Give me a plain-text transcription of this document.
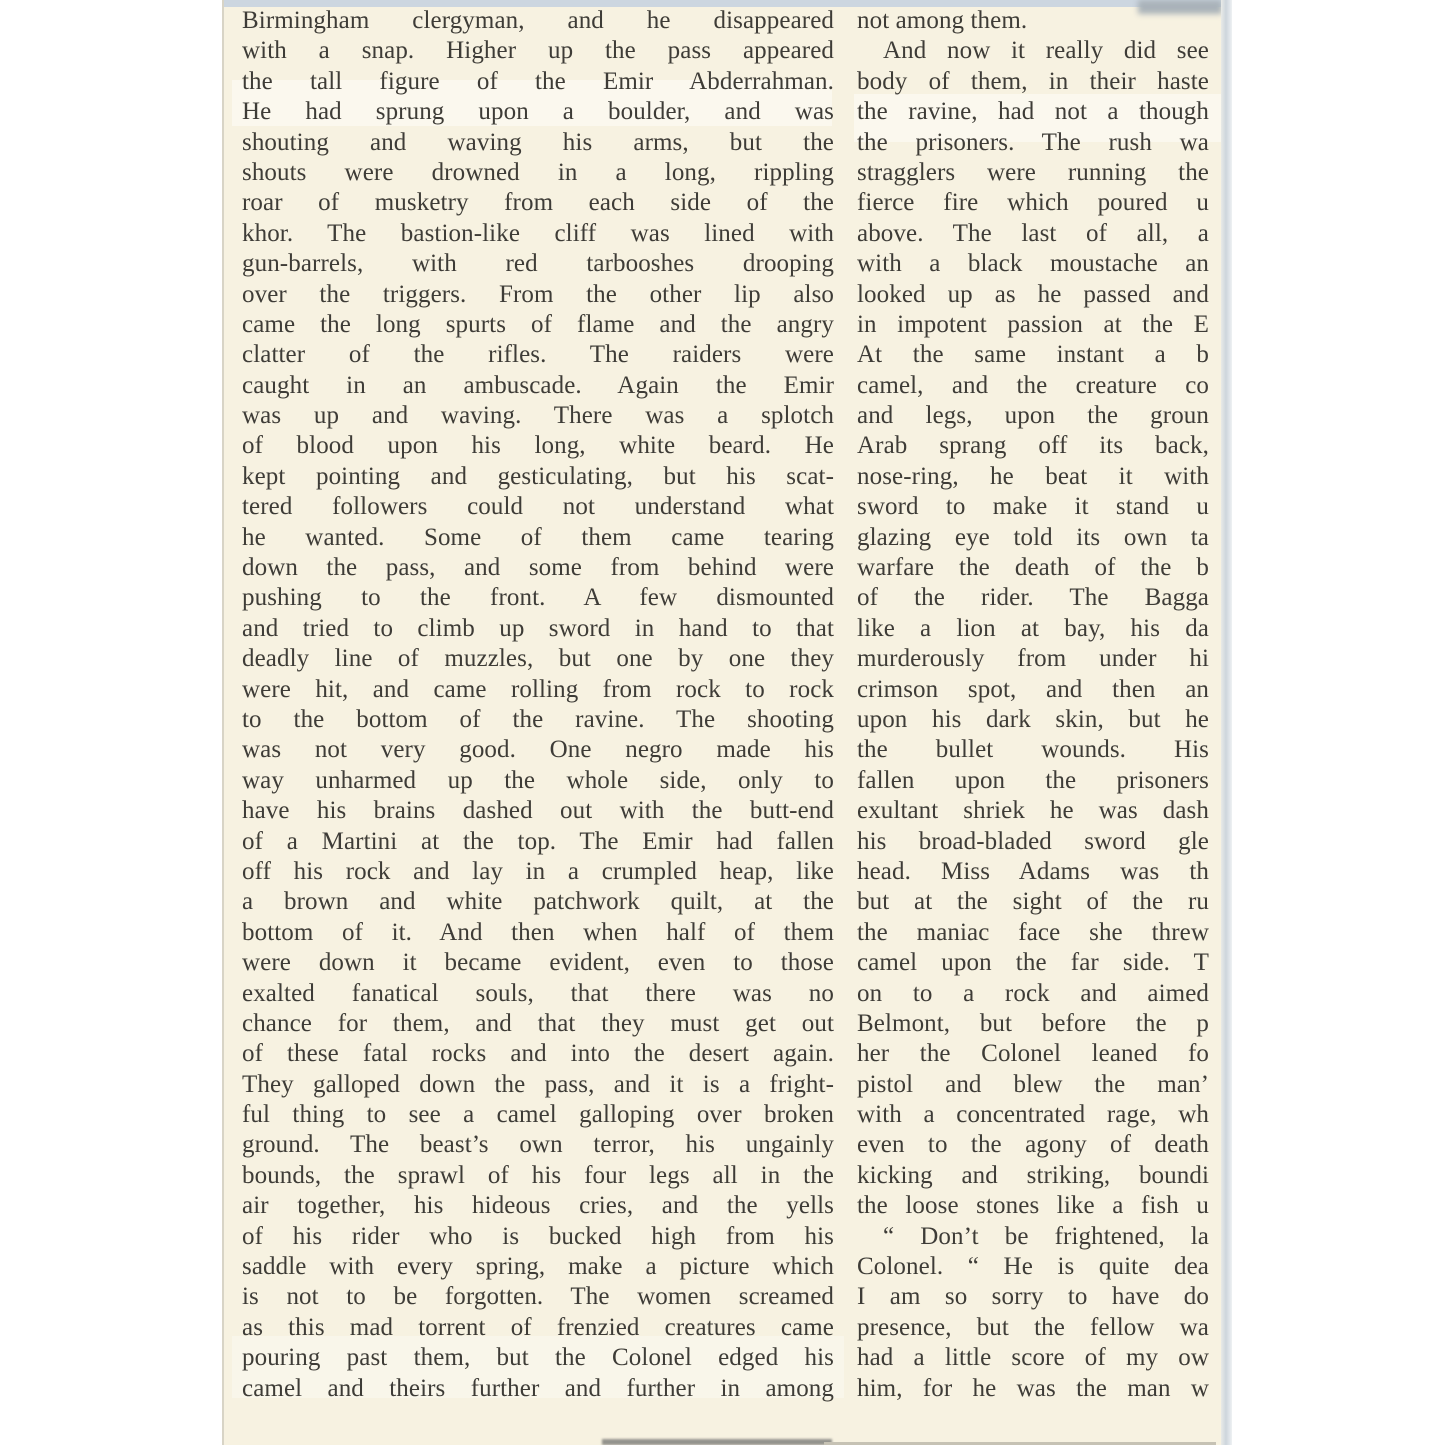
Birmingham clergyman, and he disappeared
with a snap. Higher up the pass appeared
the tall figure of the Emir Abderrahman.
He had sprung upon a boulder, and was
shouting and waving his arms, but the
shouts were drowned in a long, rippling
roar of musketry from each side of the
khor. The bastion-like cliff was lined with
gun-barrels, with red tarbooshes drooping
over the triggers. From the other lip also
came the long spurts of flame and the angry
clatter of the rifles. The raiders were
caught in an ambuscade. Again the Emir
was up and waving. There was a splotch
of blood upon his long, white beard. He
kept pointing and gesticulating, but his scat-
tered followers could not understand what
he wanted. Some of them came tearing
down the pass, and some from behind were
pushing to the front. A few dismounted
and tried to climb up sword in hand to that
deadly line of muzzles, but one by one they
were hit, and came rolling from rock to rock
to the bottom of the ravine. The shooting
was not very good. One negro made his
way unharmed up the whole side, only to
have his brains dashed out with the butt-end
of a Martini at the top. The Emir had fallen
off his rock and lay in a crumpled heap, like
a brown and white patchwork quilt, at the
bottom of it. And then when half of them
were down it became evident, even to those
exalted fanatical souls, that there was no
chance for them, and that they must get out
of these fatal rocks and into the desert again.
They galloped down the pass, and it is a fright-
ful thing to see a camel galloping over broken
ground. The beast’s own terror, his ungainly
bounds, the sprawl of his four legs all in the
air together, his hideous cries, and the yells
of his rider who is bucked high from his
saddle with every spring, make a picture which
is not to be forgotten. The women screamed
as this mad torrent of frenzied creatures came
pouring past them, but the Colonel edged his
camel and theirs further and further in among
not among them.
And now it really did see
body of them, in their haste
the ravine, had not a though
the prisoners. The rush wa
stragglers were running the
fierce fire which poured u
above. The last of all, a
with a black moustache an
looked up as he passed and
in impotent passion at the E
At the same instant a b
camel, and the creature co
and legs, upon the groun
Arab sprang off its back,
nose-ring, he beat it with
sword to make it stand u
glazing eye told its own ta
warfare the death of the b
of the rider. The Bagga
like a lion at bay, his da
murderously from under hi
crimson spot, and then an
upon his dark skin, but he
the bullet wounds. His
fallen upon the prisoners
exultant shriek he was dash
his broad-bladed sword gle
head. Miss Adams was th
but at the sight of the ru
the maniac face she threw
camel upon the far side. T
on to a rock and aimed
Belmont, but before the p
her the Colonel leaned fo
pistol and blew the man’
with a concentrated rage, wh
even to the agony of death
kicking and striking, boundi
the loose stones like a fish u
“ Don’t be frightened, la
Colonel. “ He is quite dea
I am so sorry to have do
presence, but the fellow wa
had a little score of my ow
him, for he was the man w
